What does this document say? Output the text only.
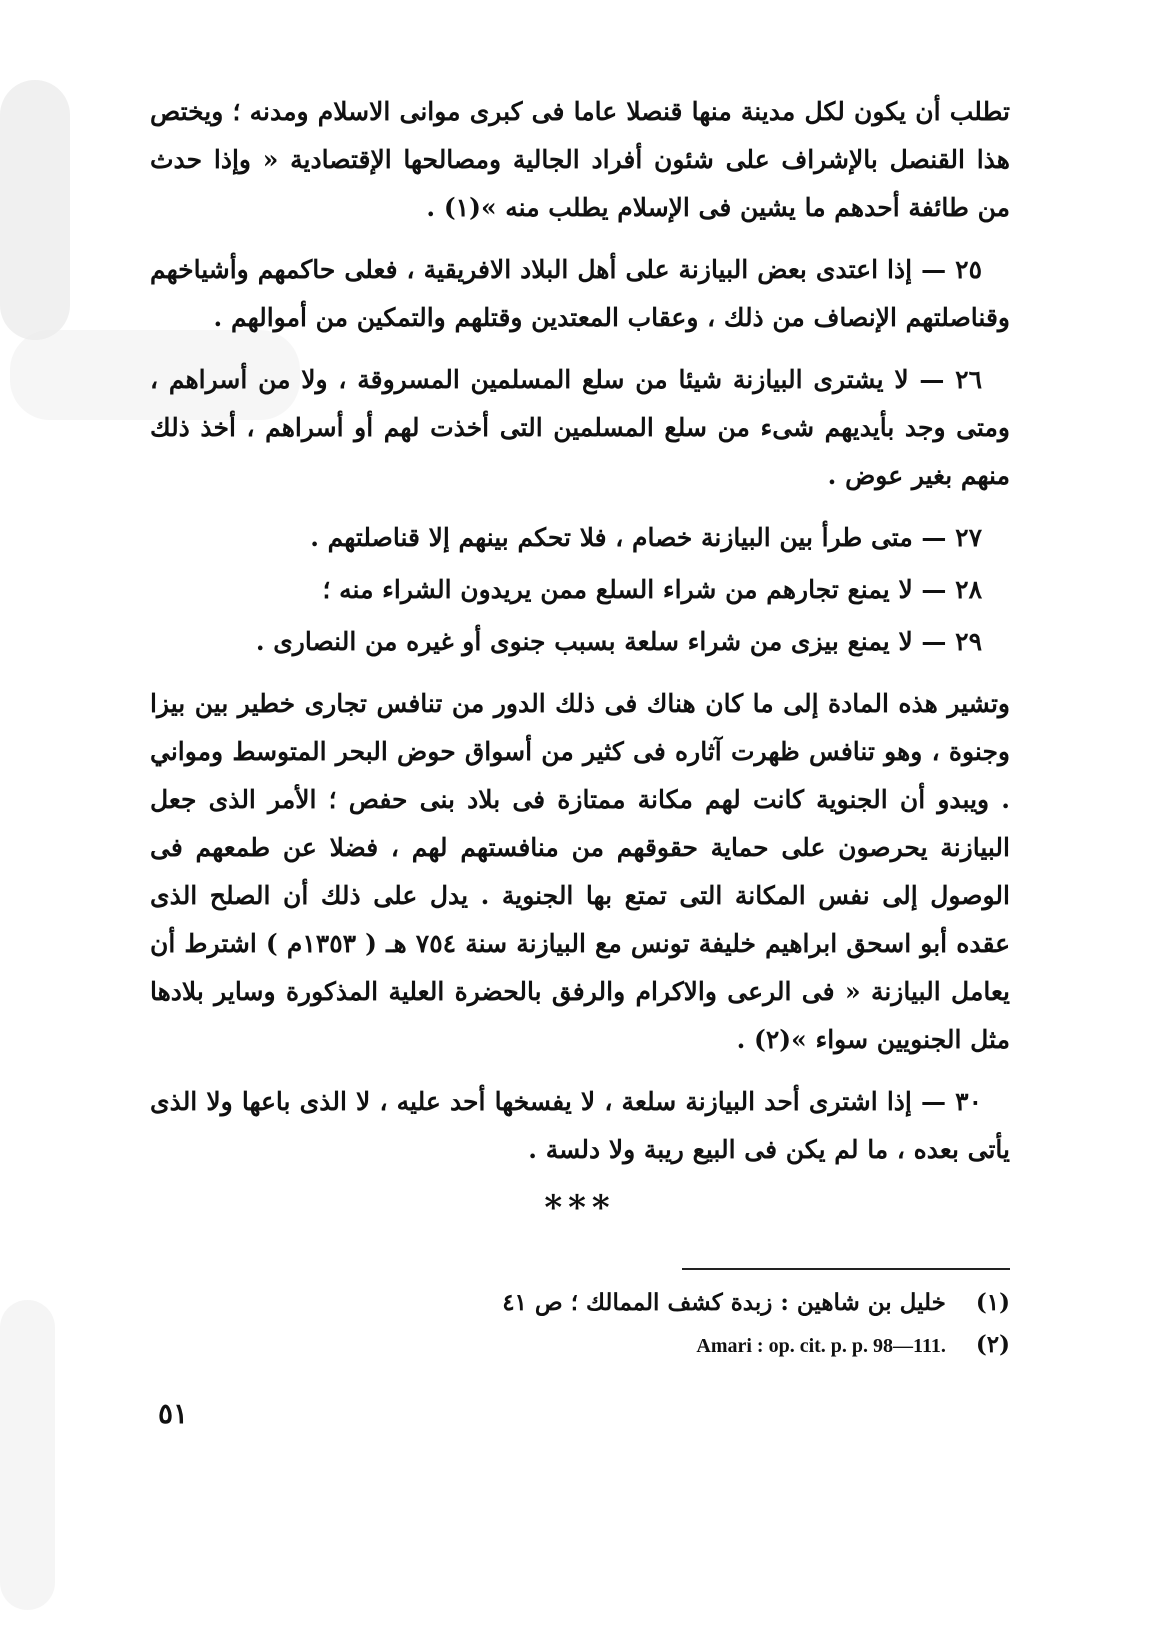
تطلب أن يكون لكل مدينة منها قنصلا عاما فى كبرى موانى الاسلام ومدنه ؛ ويختص هذا القنصل بالإشراف على شئون أفراد الجالية ومصالحها الإقتصادية « وإذا حدث من طائفة أحدهم ما يشين فى الإسلام يطلب منه »(١) .

٢٥ — إذا اعتدى بعض البيازنة على أهل البلاد الافريقية ، فعلى حاكمهم وأشياخهم وقناصلتهم الإنصاف من ذلك ، وعقاب المعتدين وقتلهم والتمكين من أموالهم .

٢٦ — لا يشترى البيازنة شيئا من سلع المسلمين المسروقة ، ولا من أسراهم ، ومتى وجد بأيديهم شىء من سلع المسلمين التى أخذت لهم أو أسراهم ، أخذ ذلك منهم بغير عوض .

٢٧ — متى طرأ بين البيازنة خصام ، فلا تحكم بينهم إلا قناصلتهم .

٢٨ — لا يمنع تجارهم من شراء السلع ممن يريدون الشراء منه ؛

٢٩ — لا يمنع بيزى من شراء سلعة بسبب جنوى أو غيره من النصارى .

وتشير هذه المادة إلى ما كان هناك فى ذلك الدور من تنافس تجارى خطير بين بيزا وجنوة ، وهو تنافس ظهرت آثاره فى كثير من أسواق حوض البحر المتوسط ومواني . ويبدو أن الجنوية كانت لهم مكانة ممتازة فى بلاد بنى حفص ؛ الأمر الذى جعل البيازنة يحرصون على حماية حقوقهم من منافستهم لهم ، فضلا عن طمعهم فى الوصول إلى نفس المكانة التى تمتع بها الجنوية . يدل على ذلك أن الصلح الذى عقده أبو اسحق ابراهيم خليفة تونس مع البيازنة سنة ٧٥٤ هـ ( ١٣٥٣م ) اشترط أن يعامل البيازنة « فى الرعى والاكرام والرفق بالحضرة العلية المذكورة وساير بلادها مثل الجنويين سواء »(٢) .

٣٠ — إذا اشترى أحد البيازنة سلعة ، لا يفسخها أحد عليه ، لا الذى باعها ولا الذى يأتى بعده ، ما لم يكن فى البيع ريبة ولا دلسة .

***
(١) خليل بن شاهين : زبدة كشف الممالك ؛ ص ٤١
(٢) Amari : op. cit. p. p. 98—111.
٥١
